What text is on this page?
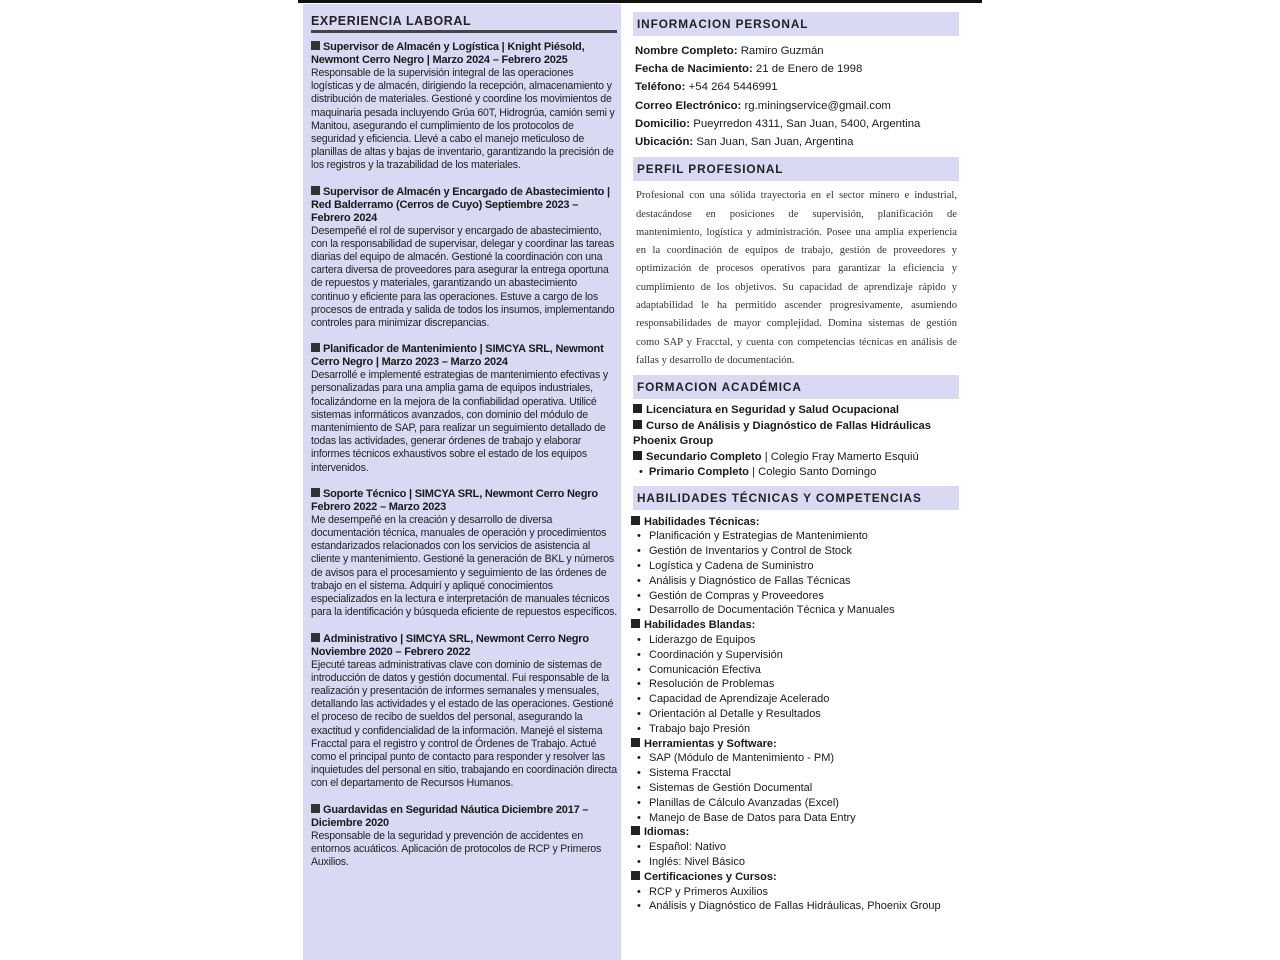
EXPERIENCIA LABORAL
Supervisor de Almacén y Logística | Knight Piésold, Newmont Cerro Negro | Marzo 2024 – Febrero 2025
Responsable de la supervisión integral de las operaciones logísticas y de almacén, dirigiendo la recepción, almacenamiento y distribución de materiales. Gestioné y coordine los movimientos de maquinaria pesada incluyendo Grúa 60T, Hidrogrúa, camión semi y Manitou, asegurando el cumplimiento de los protocolos de seguridad y eficiencia. Llevé a cabo el manejo meticuloso de planillas de altas y bajas de inventario, garantizando la precisión de los registros y la trazabilidad de los materiales.
Supervisor de Almacén y Encargado de Abastecimiento | Red Balderramo (Cerros de Cuyo) Septiembre 2023 – Febrero 2024
Desempeñé el rol de supervisor y encargado de abastecimiento, con la responsabilidad de supervisar, delegar y coordinar las tareas diarias del equipo de almacén. Gestioné la coordinación con una cartera diversa de proveedores para asegurar la entrega oportuna de repuestos y materiales, garantizando un abastecimiento continuo y eficiente para las operaciones. Estuve a cargo de los procesos de entrada y salida de todos los insumos, implementando controles para minimizar discrepancias.
Planificador de Mantenimiento | SIMCYA SRL, Newmont Cerro Negro | Marzo 2023 – Marzo 2024
Desarrollé e implementé estrategias de mantenimiento efectivas y personalizadas para una amplia gama de equipos industriales, focalizándome en la mejora de la confiabilidad operativa. Utilicé sistemas informáticos avanzados, con dominio del módulo de mantenimiento de SAP, para realizar un seguimiento detallado de todas las actividades, generar órdenes de trabajo y elaborar informes técnicos exhaustivos sobre el estado de los equipos intervenidos.
Soporte Técnico | SIMCYA SRL, Newmont Cerro Negro Febrero 2022 – Marzo 2023
Me desempeñé en la creación y desarrollo de diversa documentación técnica, manuales de operación y procedimientos estandarizados relacionados con los servicios de asistencia al cliente y mantenimiento. Gestioné la generación de BKL y números de avisos para el procesamiento y seguimiento de las órdenes de trabajo en el sistema. Adquirí y apliqué conocimientos especializados en la lectura e interpretación de manuales técnicos para la identificación y búsqueda eficiente de repuestos específicos.
Administrativo | SIMCYA SRL, Newmont Cerro Negro Noviembre 2020 – Febrero 2022
Ejecuté tareas administrativas clave con dominio de sistemas de introducción de datos y gestión documental. Fui responsable de la realización y presentación de informes semanales y mensuales, detallando las actividades y el estado de las operaciones. Gestioné el proceso de recibo de sueldos del personal, asegurando la exactitud y confidencialidad de la información. Manejé el sistema Fracctal para el registro y control de Órdenes de Trabajo. Actué como el principal punto de contacto para responder y resolver las inquietudes del personal en sitio, trabajando en coordinación directa con el departamento de Recursos Humanos.
Guardavidas en Seguridad Náutica Diciembre 2017 – Diciembre 2020
Responsable de la seguridad y prevención de accidentes en entornos acuáticos. Aplicación de protocolos de RCP y Primeros Auxilios.
INFORMACION PERSONAL
Nombre Completo: Ramiro Guzmán
Fecha de Nacimiento: 21 de Enero de 1998
Teléfono: +54 264 5446991
Correo Electrónico: rg.miningservice@gmail.com
Domicilio: Pueyrredon 4311, San Juan, 5400, Argentina
Ubicación: San Juan, San Juan, Argentina
PERFIL PROFESIONAL
Profesional con una sólida trayectoria en el sector minero e industrial, destacándose en posiciones de supervisión, planificación de mantenimiento, logística y administración. Posee una amplia experiencia en la coordinación de equipos de trabajo, gestión de proveedores y optimización de procesos operativos para garantizar la eficiencia y cumplimiento de los objetivos. Su capacidad de aprendizaje rápido y adaptabilidad le ha permitido ascender progresivamente, asumiendo responsabilidades de mayor complejidad. Domina sistemas de gestión como SAP y Fracctal, y cuenta con competencias técnicas en análisis de fallas y desarrollo de documentación.
FORMACION ACADÉMICA
Licenciatura en Seguridad y Salud Ocupacional
Curso de Análisis y Diagnóstico de Fallas Hidráulicas Phoenix Group
Secundario Completo | Colegio Fray Mamerto Esquiú
• Primario Completo | Colegio Santo Domingo
HABILIDADES TÉCNICAS Y COMPETENCIAS
Habilidades Técnicas:
• Planificación y Estrategias de Mantenimiento
• Gestión de Inventarios y Control de Stock
• Logística y Cadena de Suministro
• Análisis y Diagnóstico de Fallas Técnicas
• Gestión de Compras y Proveedores
• Desarrollo de Documentación Técnica y Manuales
Habilidades Blandas:
• Liderazgo de Equipos
• Coordinación y Supervisión
• Comunicación Efectiva
• Resolución de Problemas
• Capacidad de Aprendizaje Acelerado
• Orientación al Detalle y Resultados
• Trabajo bajo Presión
Herramientas y Software:
• SAP (Módulo de Mantenimiento - PM)
• Sistema Fracctal
• Sistemas de Gestión Documental
• Planillas de Cálculo Avanzadas (Excel)
• Manejo de Base de Datos para Data Entry
Idiomas:
• Español: Nativo
• Inglés: Nivel Básico
Certificaciones y Cursos:
• RCP y Primeros Auxilios
• Análisis y Diagnóstico de Fallas Hidráulicas, Phoenix Group
